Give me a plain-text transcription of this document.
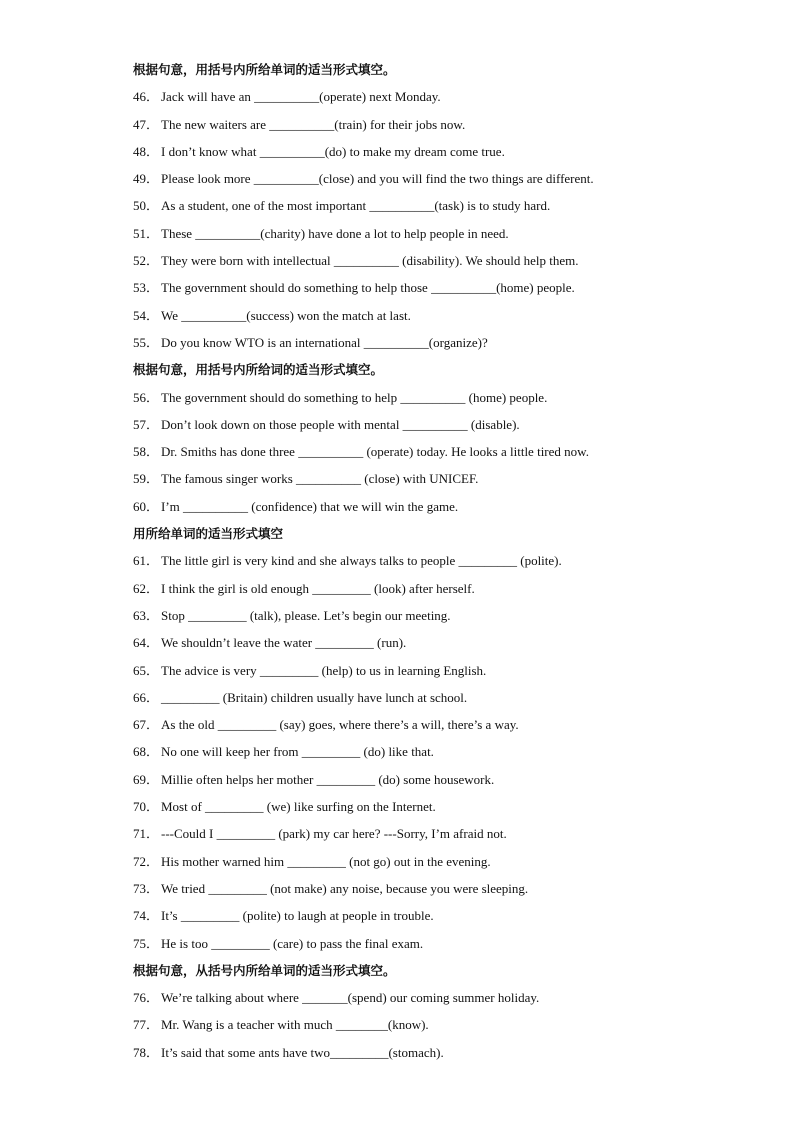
根据句意，用括号内所给单词的适当形式填空。
46． Jack will have an __________(operate) next Monday.
47． The new waiters are __________(train) for their jobs now.
48． I don’t know what __________(do) to make my dream come true.
49． Please look more __________(close) and you will find the two things are different.
50． As a student, one of the most important __________(task) is to study hard.
51． These __________(charity) have done a lot to help people in need.
52． They were born with intellectual __________ (disability). We should help them.
53． The government should do something to help those __________(home) people.
54． We __________(success) won the match at last.
55． Do you know WTO is an international __________(organize)?
根据句意，用括号内所给词的适当形式填空。
56． The government should do something to help __________ (home) people.
57． Don’t look down on those people with mental __________ (disable).
58． Dr. Smiths has done three __________ (operate) today. He looks a little tired now.
59． The famous singer works __________ (close) with UNICEF.
60． I’m __________ (confidence) that we will win the game.
用所给单词的适当形式填空
61． The little girl is very kind and she always talks to people _________ (polite).
62． I think the girl is old enough _________ (look) after herself.
63． Stop _________ (talk), please. Let’s begin our meeting.
64． We shouldn’t leave the water _________ (run).
65． The advice is very _________ (help) to us in learning English.
66． _________ (Britain) children usually have lunch at school.
67． As the old _________ (say) goes, where there’s a will, there’s a way.
68． No one will keep her from _________ (do) like that.
69． Millie often helps her mother _________ (do) some housework.
70． Most of _________ (we) like surfing on the Internet.
71． ---Could I _________ (park) my car here? ---Sorry, I’m afraid not.
72． His mother warned him _________ (not go) out in the evening.
73． We tried _________ (not make) any noise, because you were sleeping.
74． It’s _________ (polite) to laugh at people in trouble.
75． He is too _________ (care) to pass the final exam.
根据句意，从括号内所给单词的适当形式填空。
76． We’re talking about where _______(spend) our coming summer holiday.
77． Mr. Wang is a teacher with much ________(know).
78． It’s said that some ants have two_________(stomach).
